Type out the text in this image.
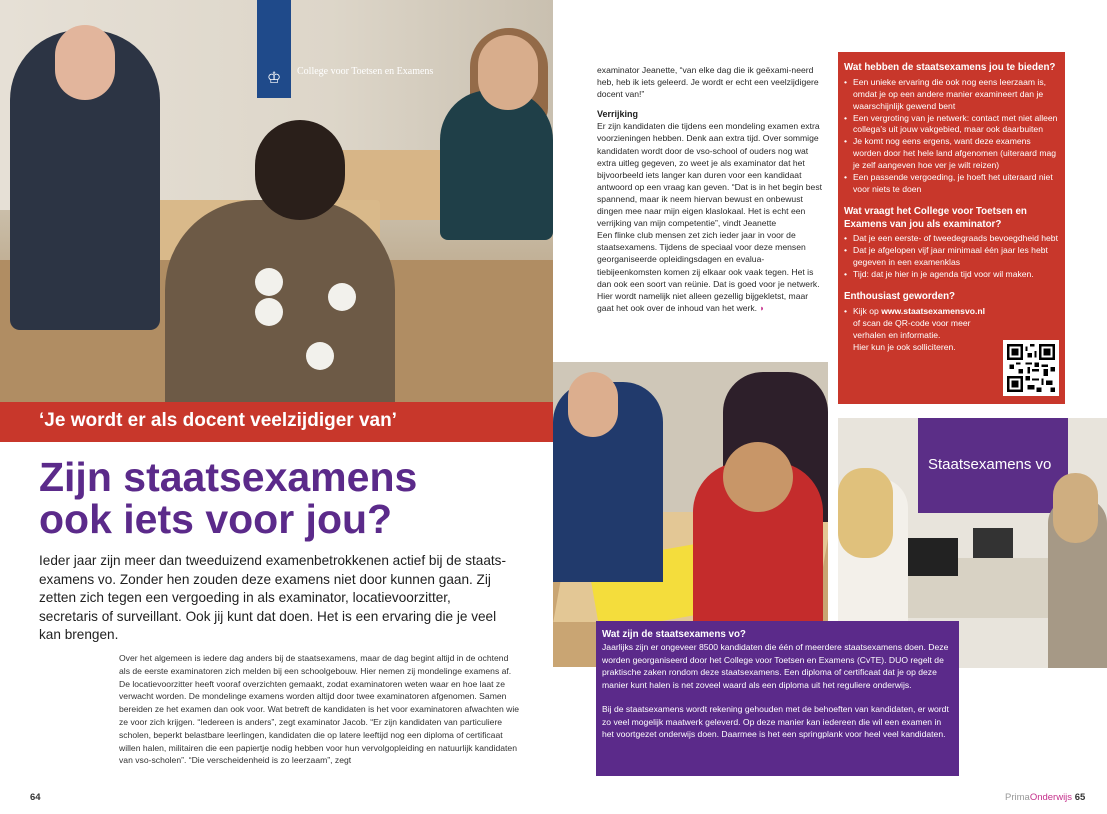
♔	College voor Toetsen en Examens
‘Je wordt er als docent veelzijdiger van’
Zijn staatsexamens
ook iets voor jou?
Ieder jaar zijn meer dan tweeduizend examenbetrokkenen actief bij de staats-examens vo. Zonder hen zouden deze examens niet door kunnen gaan. Zij zetten zich tegen een vergoeding in als examinator, locatievoorzitter, secretaris of surveillant. Ook jij kunt dat doen. Het is een ervaring die je veel kan brengen.
Over het algemeen is iedere dag anders bij de staatsexamens, maar de dag begint altijd in de ochtend als de eerste examinatoren zich melden bij een schoolgebouw. Hier nemen zij mondelinge examens af. De locatievoorzitter heeft vooraf overzichten gemaakt, zodat examinatoren weten waar en hoe laat ze verwacht worden. De mondelinge examens worden altijd door twee examinatoren afgenomen. Samen bereiden ze het examen dan ook voor. Wat betreft de kandidaten is het voor examinatoren afwachten wie ze voor zich krijgen. “Iedereen is anders”, zegt examinator Jacob. “Er zijn kandidaten van particuliere scholen, beperkt belastbare leerlingen, kandidaten die op latere leeftijd nog een diploma of certificaat willen halen, militairen die een papiertje nodig hebben voor hun vervolgopleiding en natuurlijk kandidaten van vso-scholen”. “Die verscheidenheid is zo leerzaam”, zegt
examinator Jeanette, “van elke dag die ik geëxami-neerd heb, heb ik iets geleerd. Je wordt er echt een veelzijdigere docent van!”
Verrijking
Er zijn kandidaten die tijdens een mondeling examen extra voorzieningen hebben. Denk aan extra tijd. Over sommige kandidaten wordt door de vso-school of ouders nog wat extra uitleg gegeven, zo weet je als examinator dat het bijvoorbeeld iets langer kan duren voor een kandidaat antwoord op een vraag kan geven. “Dat is in het begin best spannend, maar ik neem hiervan bewust en onbewust dingen mee naar mijn eigen klaslokaal. Het is echt een verrijking van mijn competentie”, vindt Jeanette
Een flinke club mensen zet zich ieder jaar in voor de staatsexamens. Tijdens de speciaal voor deze mensen georganiseerde opleidingsdagen en evalua-tiebijeenkomsten komen zij elkaar ook vaak tegen. Het is dan ook een soort van reünie. Dat is goed voor je netwerk. Hier wordt namelijk niet alleen gezellig bijgekletst, maar gaat het ook over de inhoud van het werk. ◗
Staatsexamens vo
Wat hebben de staatsexamens jou te bieden?
• Een unieke ervaring die ook nog eens leerzaam is, omdat je op een andere manier examineert dan je waarschijnlijk gewend bent
• Een vergroting van je netwerk: contact met niet alleen collega’s uit jouw vakgebied, maar ook daarbuiten
• Je komt nog eens ergens, want deze examens worden door het hele land afgenomen (uiteraard mag je zelf aangeven hoe ver je wilt reizen)
• Een passende vergoeding, je hoeft het uiteraard niet voor niets te doen
Wat vraagt het College voor Toetsen en Examens van jou als examinator?
• Dat je een eerste- of tweedegraads bevoegdheid hebt
• Dat je afgelopen vijf jaar minimaal één jaar les hebt gegeven in een examenklas
• Tijd: dat je hier in je agenda tijd voor wil maken.
Enthousiast geworden?
• Kijk op www.staatsexamensvo.nl of scan de QR-code voor meer verhalen en informatie.
Hier kun je ook solliciteren.
Wat zijn de staatsexamens vo?

Jaarlijks zijn er ongeveer 8500 kandidaten die één of meerdere staatsexamens doen. Deze worden georganiseerd door het College voor Toetsen en Examens (CvTE). DUO regelt de praktische zaken rondom deze staatsexamens. Een diploma of certificaat dat je op deze manier kunt halen is net zoveel waard als een diploma uit het reguliere onderwijs.

Bij de staatsexamens wordt rekening gehouden met de behoeften van kandidaten, er wordt zo veel mogelijk maatwerk geleverd. Op deze manier kan iedereen die wil een examen in het voortgezet onderwijs doen. Daarmee is het een springplank voor heel veel kandidaten.

64	PrimaOnderwijs 65
